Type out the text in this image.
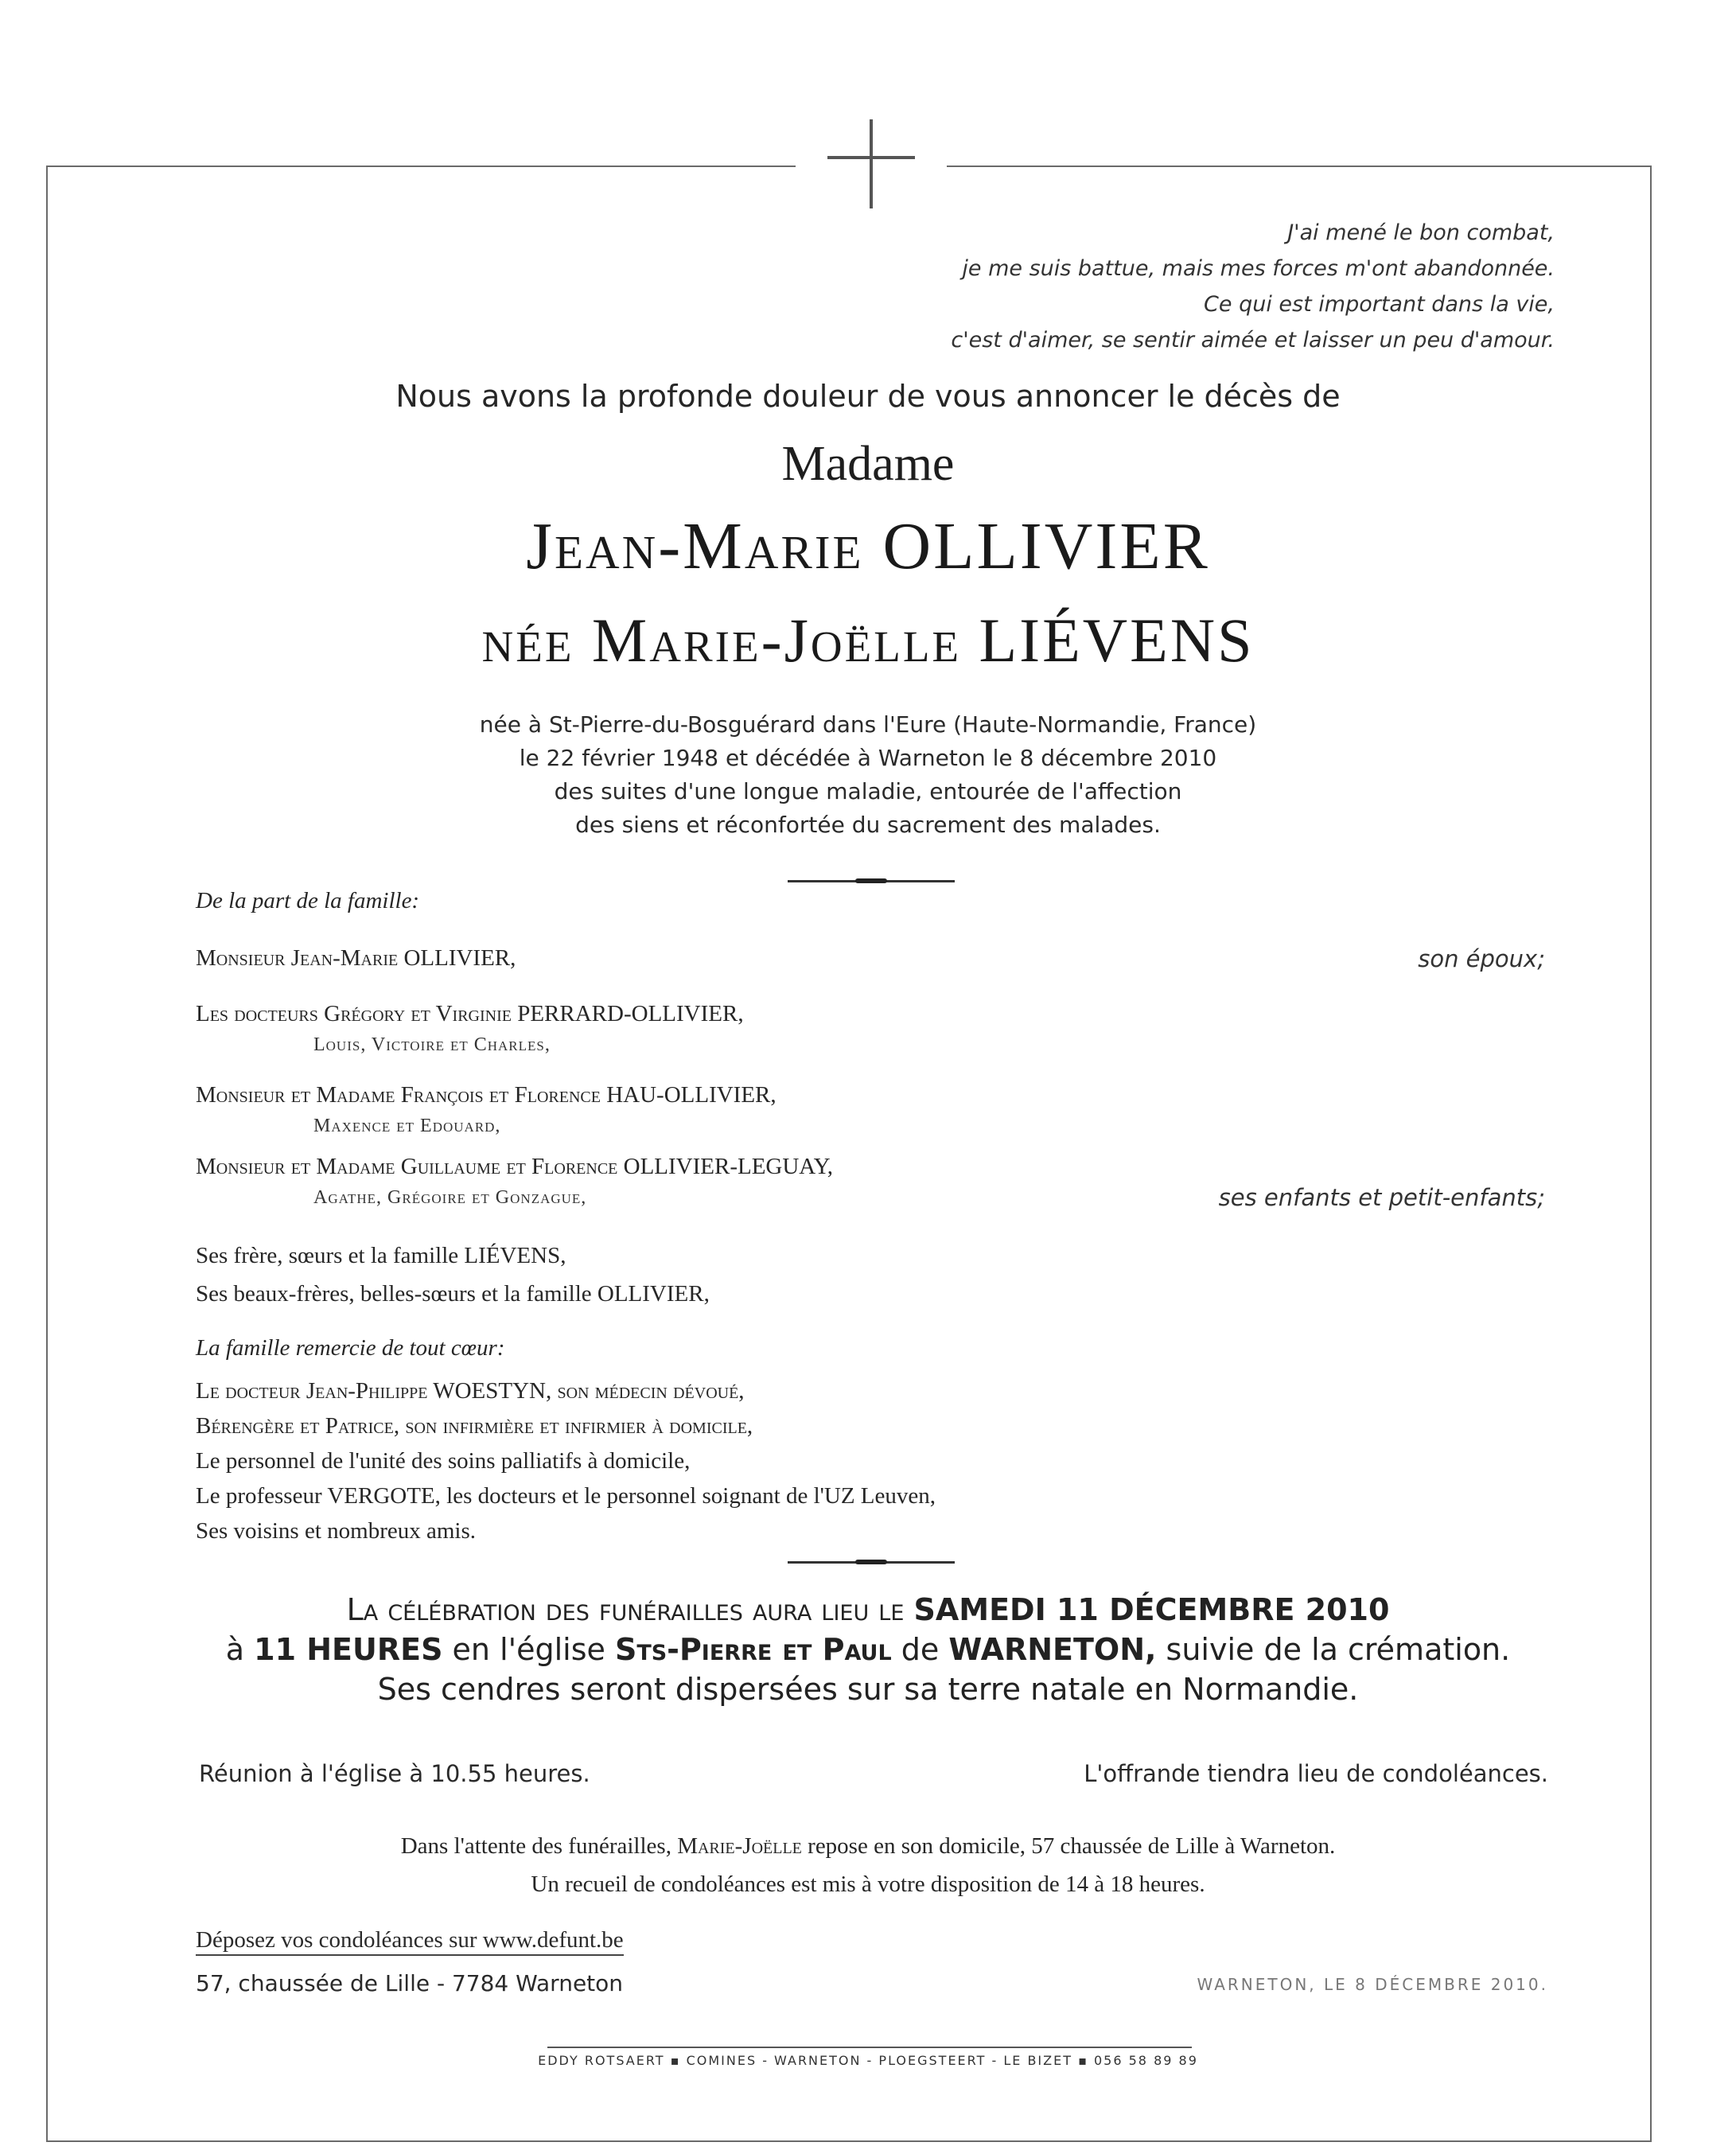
J'ai mené le bon combat,
je me suis battue, mais mes forces m'ont abandonnée.
Ce qui est important dans la vie,
c'est d'aimer, se sentir aimée et laisser un peu d'amour.
Nous avons la profonde douleur de vous annoncer le décès de
Madame
Jean-Marie OLLIVIER
née Marie-Joëlle LIÉVENS
née à St-Pierre-du-Bosguérard dans l'Eure (Haute-Normandie, France)
le 22 février 1948 et décédée à Warneton le 8 décembre 2010
des suites d'une longue maladie, entourée de l'affection
des siens et réconfortée du sacrement des malades.
De la part de la famille:
Monsieur Jean-Marie OLLIVIER,	son époux;
Les docteurs Grégory et Virginie PERRARD-OLLIVIER,
Louis, Victoire et Charles,
Monsieur et Madame François et Florence HAU-OLLIVIER,
Maxence et Edouard,
Monsieur et Madame Guillaume et Florence OLLIVIER-LEGUAY,
Agathe, Grégoire et Gonzague,	ses enfants et petit-enfants;
Ses frère, sœurs et la famille LIÉVENS,
Ses beaux-frères, belles-sœurs et la famille OLLIVIER,
La famille remercie de tout cœur:
Le docteur Jean-Philippe WOESTYN, son médecin dévoué,
Bérengère et Patrice, son infirmière et infirmier à domicile,
Le personnel de l'unité des soins palliatifs à domicile,
Le professeur VERGOTE, les docteurs et le personnel soignant de l'UZ Leuven,
Ses voisins et nombreux amis.
La célébration des funérailles aura lieu le SAMEDI 11 DÉCEMBRE 2010
à 11 HEURES en l'église Sts-Pierre et Paul de WARNETON, suivie de la crémation.
Ses cendres seront dispersées sur sa terre natale en Normandie.
Réunion à l'église à 10.55 heures.	L'offrande tiendra lieu de condoléances.
Dans l'attente des funérailles, Marie-Joëlle repose en son domicile, 57 chaussée de Lille à Warneton.
Un recueil de condoléances est mis à votre disposition de 14 à 18 heures.
Déposez vos condoléances sur www.defunt.be
57, chaussée de Lille - 7784 Warneton	WARNETON, LE 8 DÉCEMBRE 2010.
EDDY ROTSAERT ▪ COMINES - WARNETON - PLOEGSTEERT - LE BIZET ▪ 056 58 89 89
